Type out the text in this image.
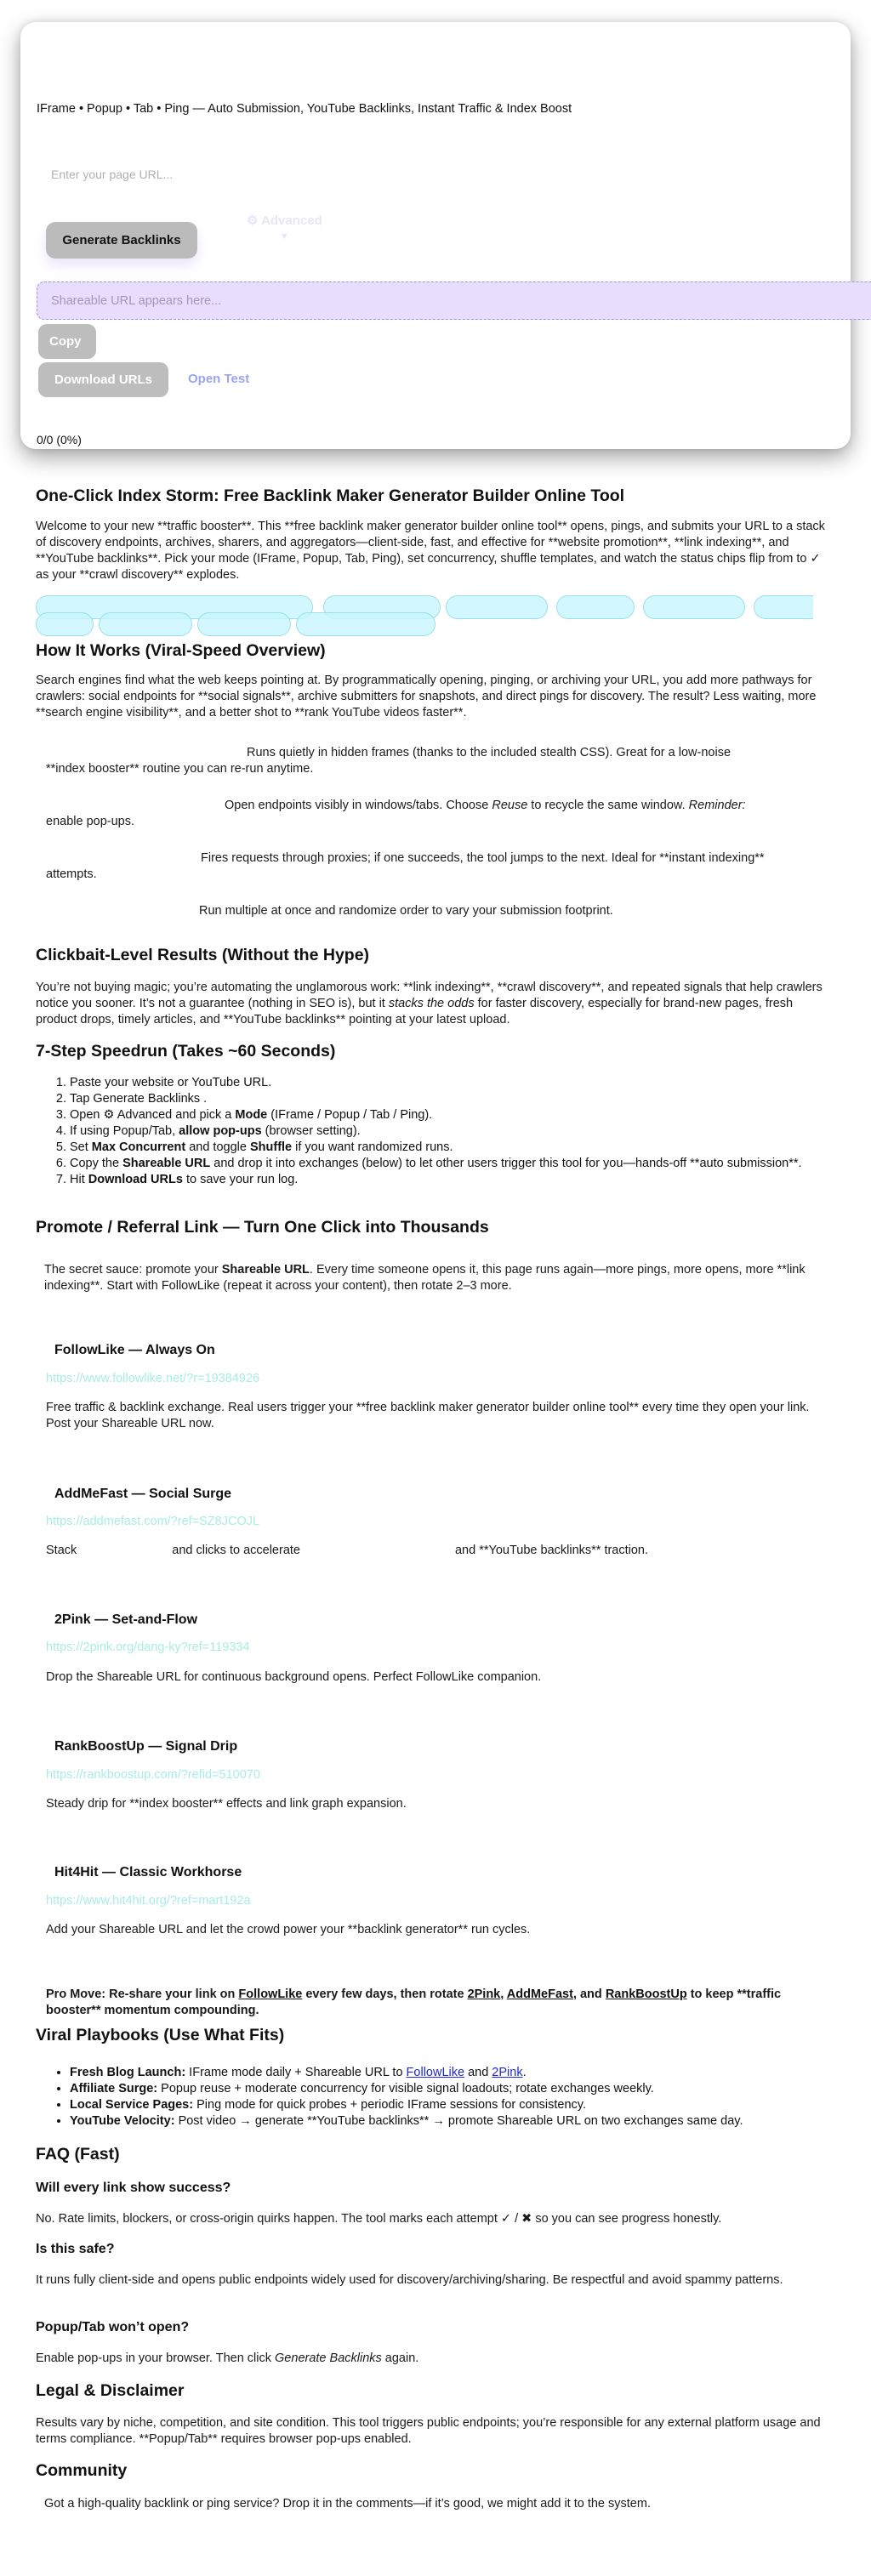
IFrame • Popup • Tab • Ping — Auto Submission, YouTube Backlinks, Instant Traffic & Index Boost
Enter your page URL...
Generate Backlinks
⚙ Advanced
▼
Shareable URL appears here...
Copy
Download URLs	Open Test
0/0 (0%)
One-Click Index Storm: Free Backlink Maker Generator Builder Online Tool

Welcome to your new **traffic booster**. This **free backlink maker generator builder online tool** opens, pings, and submits your URL to a stack of discovery endpoints, archives, sharers, and aggregators—client-side, fast, and effective for **website promotion**, **link indexing**, and **YouTube backlinks**. Pick your mode (IFrame, Popup, Tab, Ping), set concurrency, shuffle templates, and watch the status chips flip from to ✓ as your **crawl discovery** explodes.

How It Works (Viral-Speed Overview)

Search engines find what the web keeps pointing at. By programmatically opening, pinging, or archiving your URL, you add more pathways for crawlers: social endpoints for **social signals**, archive submitters for snapshots, and direct pings for discovery. The result? Less waiting, more **search engine visibility**, and a better shot to **rank YouTube videos faster**.

Runs quietly in hidden frames (thanks to the included stealth CSS). Great for a low-noise
**index booster** routine you can re-run anytime.
Open endpoints visibly in windows/tabs. Choose Reuse to recycle the same window. Reminder:
enable pop-ups.
Fires requests through proxies; if one succeeds, the tool jumps to the next. Ideal for **instant indexing**
attempts.
Run multiple at once and randomize order to vary your submission footprint.
Clickbait-Level Results (Without the Hype)

You’re not buying magic; you’re automating the unglamorous work: **link indexing**, **crawl discovery**, and repeated signals that help crawlers notice you sooner. It’s not a guarantee (nothing in SEO is), but it stacks the odds for faster discovery, especially for brand-new pages, fresh product drops, timely articles, and **YouTube backlinks** pointing at your latest upload.

7-Step Speedrun (Takes ~60 Seconds)
1. Paste your website or YouTube URL.
2. Tap Generate Backlinks .
3. Open ⚙ Advanced and pick a Mode (IFrame / Popup / Tab / Ping).
4. If using Popup/Tab, allow pop-ups (browser setting).
5. Set Max Concurrent and toggle Shuffle if you want randomized runs.
6. Copy the Shareable URL and drop it into exchanges (below) to let other users trigger this tool for you—hands-off **auto submission**.
7. Hit Download URLs to save your run log.
Promote / Referral Link — Turn One Click into Thousands

The secret sauce: promote your Shareable URL. Every time someone opens it, this page runs again—more pings, more opens, more **link indexing**. Start with FollowLike (repeat it across your content), then rotate 2–3 more.

FollowLike — Always On
https://www.followlike.net/?r=19384926

Free traffic & backlink exchange. Real users trigger your **free backlink maker generator builder online tool** every time they open your link. Post your Shareable URL now.

AddMeFast — Social Surge
https://addmefast.com/?ref=SZ8JCOJL

Stack	and clicks to accelerate	and **YouTube backlinks** traction.

2Pink — Set-and-Flow
https://2pink.org/dang-ky?ref=119334

Drop the Shareable URL for continuous background opens. Perfect FollowLike companion.

RankBoostUp — Signal Drip
https://rankboostup.com/?refid=510070

Steady drip for **index booster** effects and link graph expansion.

Hit4Hit — Classic Workhorse
https://www.hit4hit.org/?ref=mart192a

Add your Shareable URL and let the crowd power your **backlink generator** run cycles.

Pro Move: Re-share your link on FollowLike every few days, then rotate 2Pink, AddMeFast, and RankBoostUp to keep **traffic booster** momentum compounding.

Viral Playbooks (Use What Fits)
• Fresh Blog Launch: IFrame mode daily + Shareable URL to FollowLike and 2Pink.
• Affiliate Surge: Popup reuse + moderate concurrency for visible signal loadouts; rotate exchanges weekly.
• Local Service Pages: Ping mode for quick probes + periodic IFrame sessions for consistency.
• YouTube Velocity: Post video → generate **YouTube backlinks** → promote Shareable URL on two exchanges same day.
FAQ (Fast)
Will every link show success?

No. Rate limits, blockers, or cross-origin quirks happen. The tool marks each attempt ✓ / ✖ so you can see progress honestly.

Is this safe?

It runs fully client-side and opens public endpoints widely used for discovery/archiving/sharing. Be respectful and avoid spammy patterns.

Popup/Tab won’t open?

Enable pop-ups in your browser. Then click Generate Backlinks again.

Legal & Disclaimer

Results vary by niche, competition, and site condition. This tool triggers public endpoints; you’re responsible for any external platform usage and terms compliance. **Popup/Tab** requires browser pop-ups enabled.

Community

Got a high-quality backlink or ping service? Drop it in the comments—if it’s good, we might add it to the system.
